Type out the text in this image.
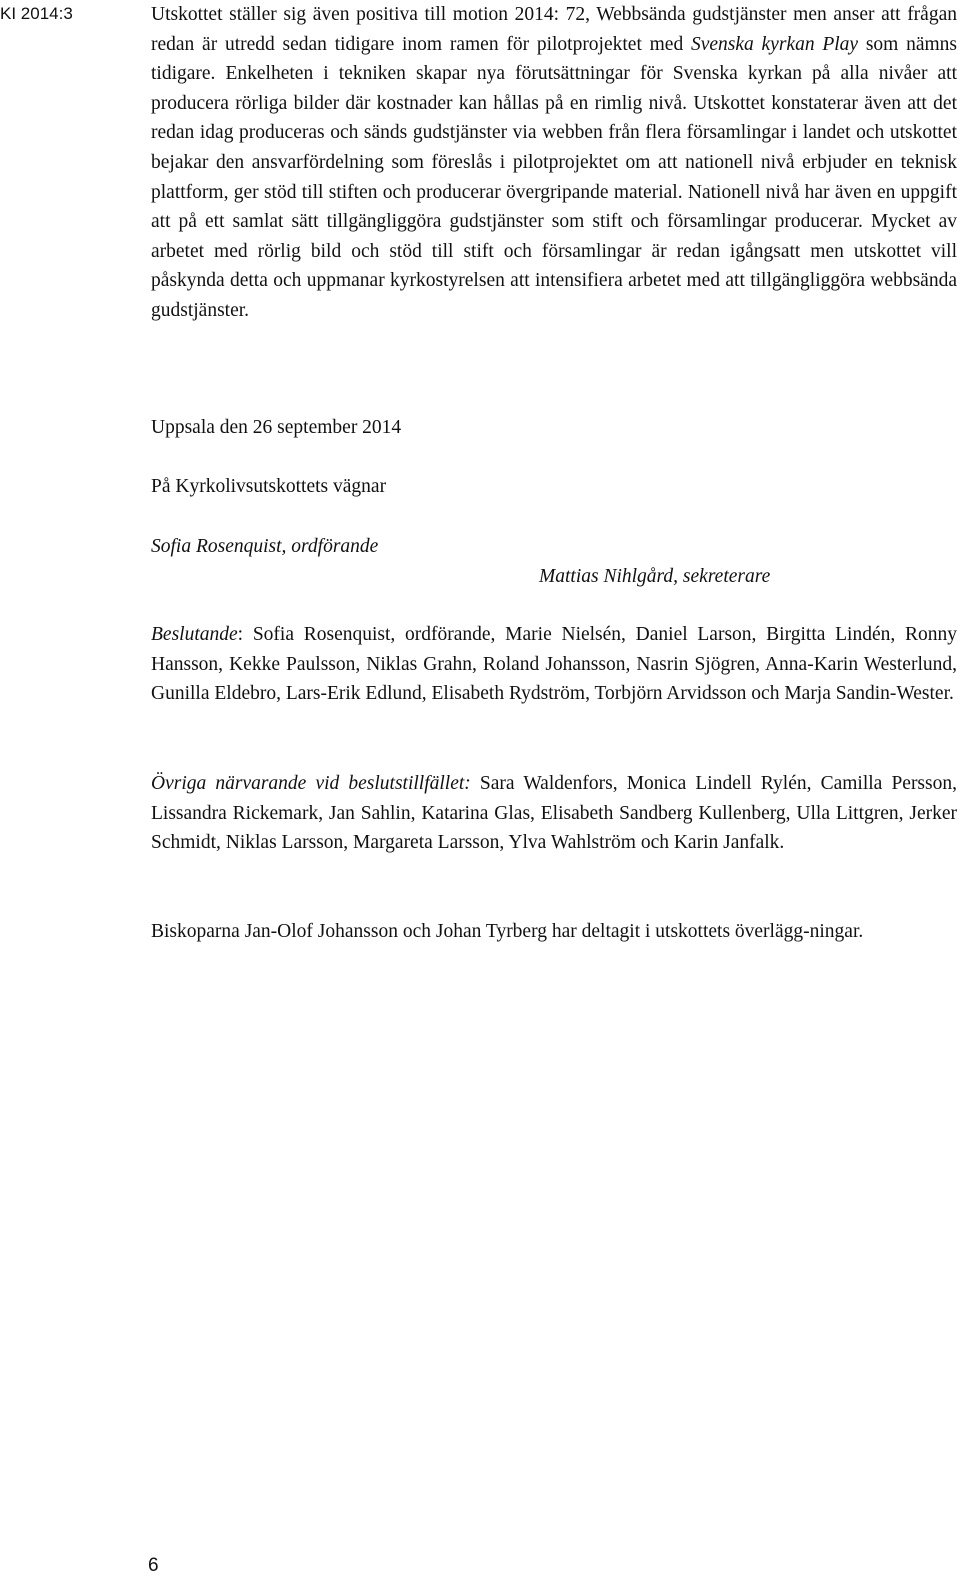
KI 2014:3	Utskottet ställer sig även positiva till motion 2014: 72, Webbsända gudstjänster men anser att frågan redan är utredd sedan tidigare inom ramen för pilotprojektet med Svenska kyrkan Play som nämns tidigare. Enkelheten i tekniken skapar nya förutsättningar för Svenska kyrkan på alla nivåer att producera rörliga bilder där kostnader kan hållas på en rimlig nivå. Utskottet konstaterar även att det redan idag produceras och sänds gudstjänster via webben från flera församlingar i landet och utskottet bejakar den ansvarfördelning som föreslås i pilotprojektet om att nationell nivå erbjuder en teknisk plattform, ger stöd till stiften och producerar övergripande material. Nationell nivå har även en uppgift att på ett samlat sätt tillgängliggöra gudstjänster som stift och församlingar producerar. Mycket av arbetet med rörlig bild och stöd till stift och församlingar är redan igångsatt men utskottet vill påskynda detta och uppmanar kyrkostyrelsen att intensifiera arbetet med att tillgängliggöra webbsända gudstjänster.

Uppsala den 26 september 2014
På Kyrkolivsutskottets vägnar
Sofia Rosenquist, ordförande
Mattias Nihlgård, sekreterare

Beslutande: Sofia Rosenquist, ordförande, Marie Nielsén, Daniel Larson, Birgitta Lindén, Ronny Hansson, Kekke Paulsson, Niklas Grahn, Roland Johansson, Nasrin Sjögren, Anna-Karin Westerlund, Gunilla Eldebro, Lars-Erik Edlund, Elisabeth Rydström, Torbjörn Arvidsson och Marja Sandin-Wester.

Övriga närvarande vid beslutstillfället: Sara Waldenfors, Monica Lindell Rylén, Camilla Persson, Lissandra Rickemark, Jan Sahlin, Katarina Glas, Elisabeth Sandberg Kullenberg, Ulla Littgren, Jerker Schmidt, Niklas Larsson, Margareta Larsson, Ylva Wahlström och Karin Janfalk.

Biskoparna Jan-Olof Johansson och Johan Tyrberg har deltagit i utskottets överlägg-ningar.

6
